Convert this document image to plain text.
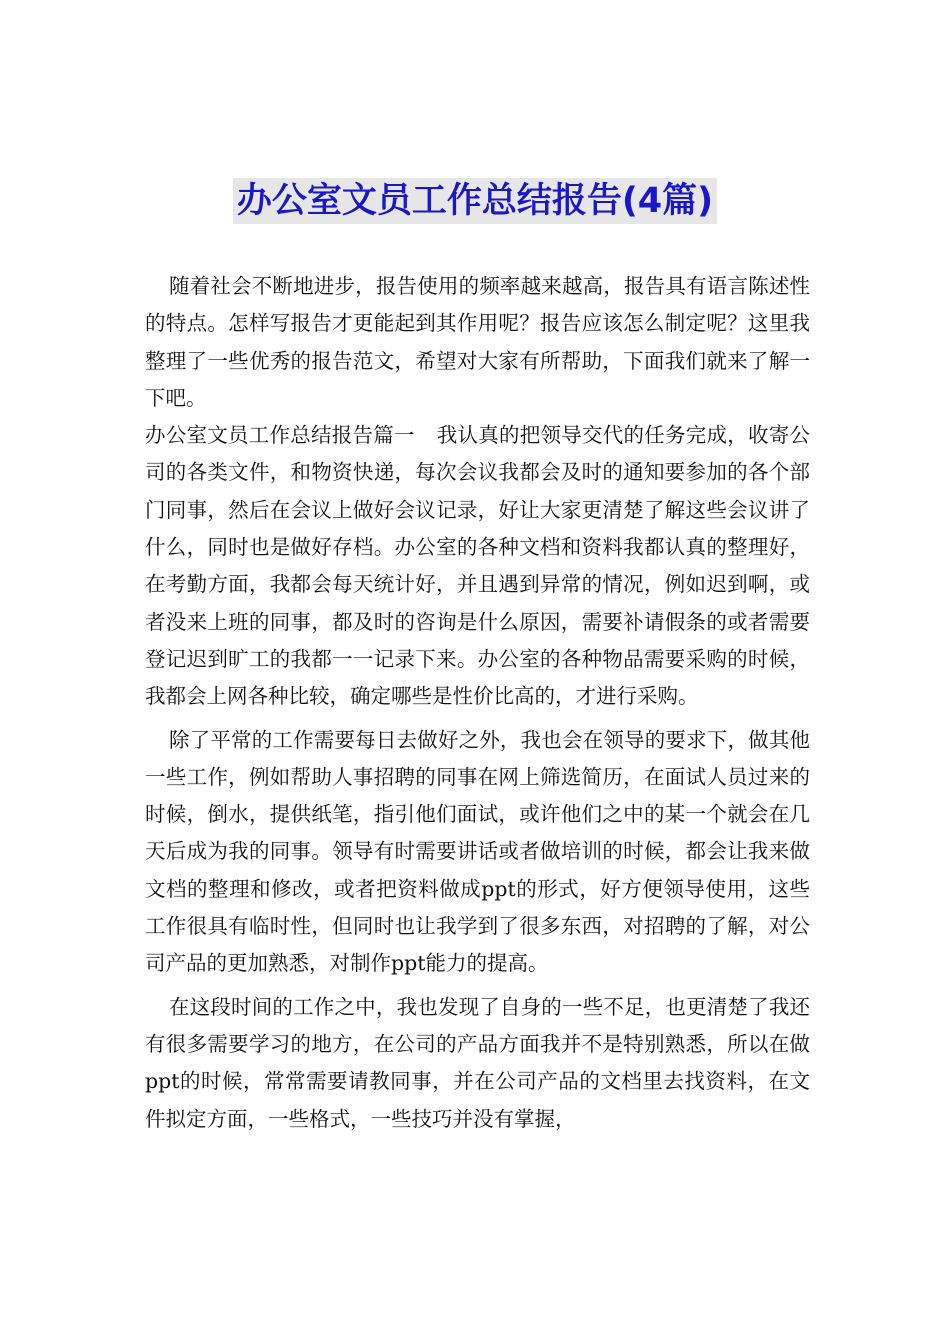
办公室文员工作总结报告(4篇)

随着社会不断地进步，报告使用的频率越来越高，报告具有语言陈述性的特点。怎样写报告才更能起到其作用呢？报告应该怎么制定呢？这里我整理了一些优秀的报告范文，希望对大家有所帮助，下面我们就来了解一下吧。

办公室文员工作总结报告篇一 我认真的把领导交代的任务完成，收寄公司的各类文件，和物资快递，每次会议我都会及时的通知要参加的各个部门同事，然后在会议上做好会议记录，好让大家更清楚了解这些会议讲了什么，同时也是做好存档。办公室的各种文档和资料我都认真的整理好，在考勤方面，我都会每天统计好，并且遇到异常的情况，例如迟到啊，或者没来上班的同事，都及时的咨询是什么原因，需要补请假条的或者需要登记迟到旷工的我都一一记录下来。办公室的各种物品需要采购的时候，我都会上网各种比较，确定哪些是性价比高的，才进行采购。

除了平常的工作需要每日去做好之外，我也会在领导的要求下，做其他一些工作，例如帮助人事招聘的同事在网上筛选简历，在面试人员过来的时候，倒水，提供纸笔，指引他们面试，或许他们之中的某一个就会在几天后成为我的同事。领导有时需要讲话或者做培训的时候，都会让我来做文档的整理和修改，或者把资料做成ppt的形式，好方便领导使用，这些工作很具有临时性，但同时也让我学到了很多东西，对招聘的了解，对公司产品的更加熟悉，对制作ppt能力的提高。

在这段时间的工作之中，我也发现了自身的一些不足，也更清楚了我还有很多需要学习的地方，在公司的产品方面我并不是特别熟悉，所以在做ppt的时候，常常需要请教同事，并在公司产品的文档里去找资料，在文件拟定方面，一些格式，一些技巧并没有掌握，
